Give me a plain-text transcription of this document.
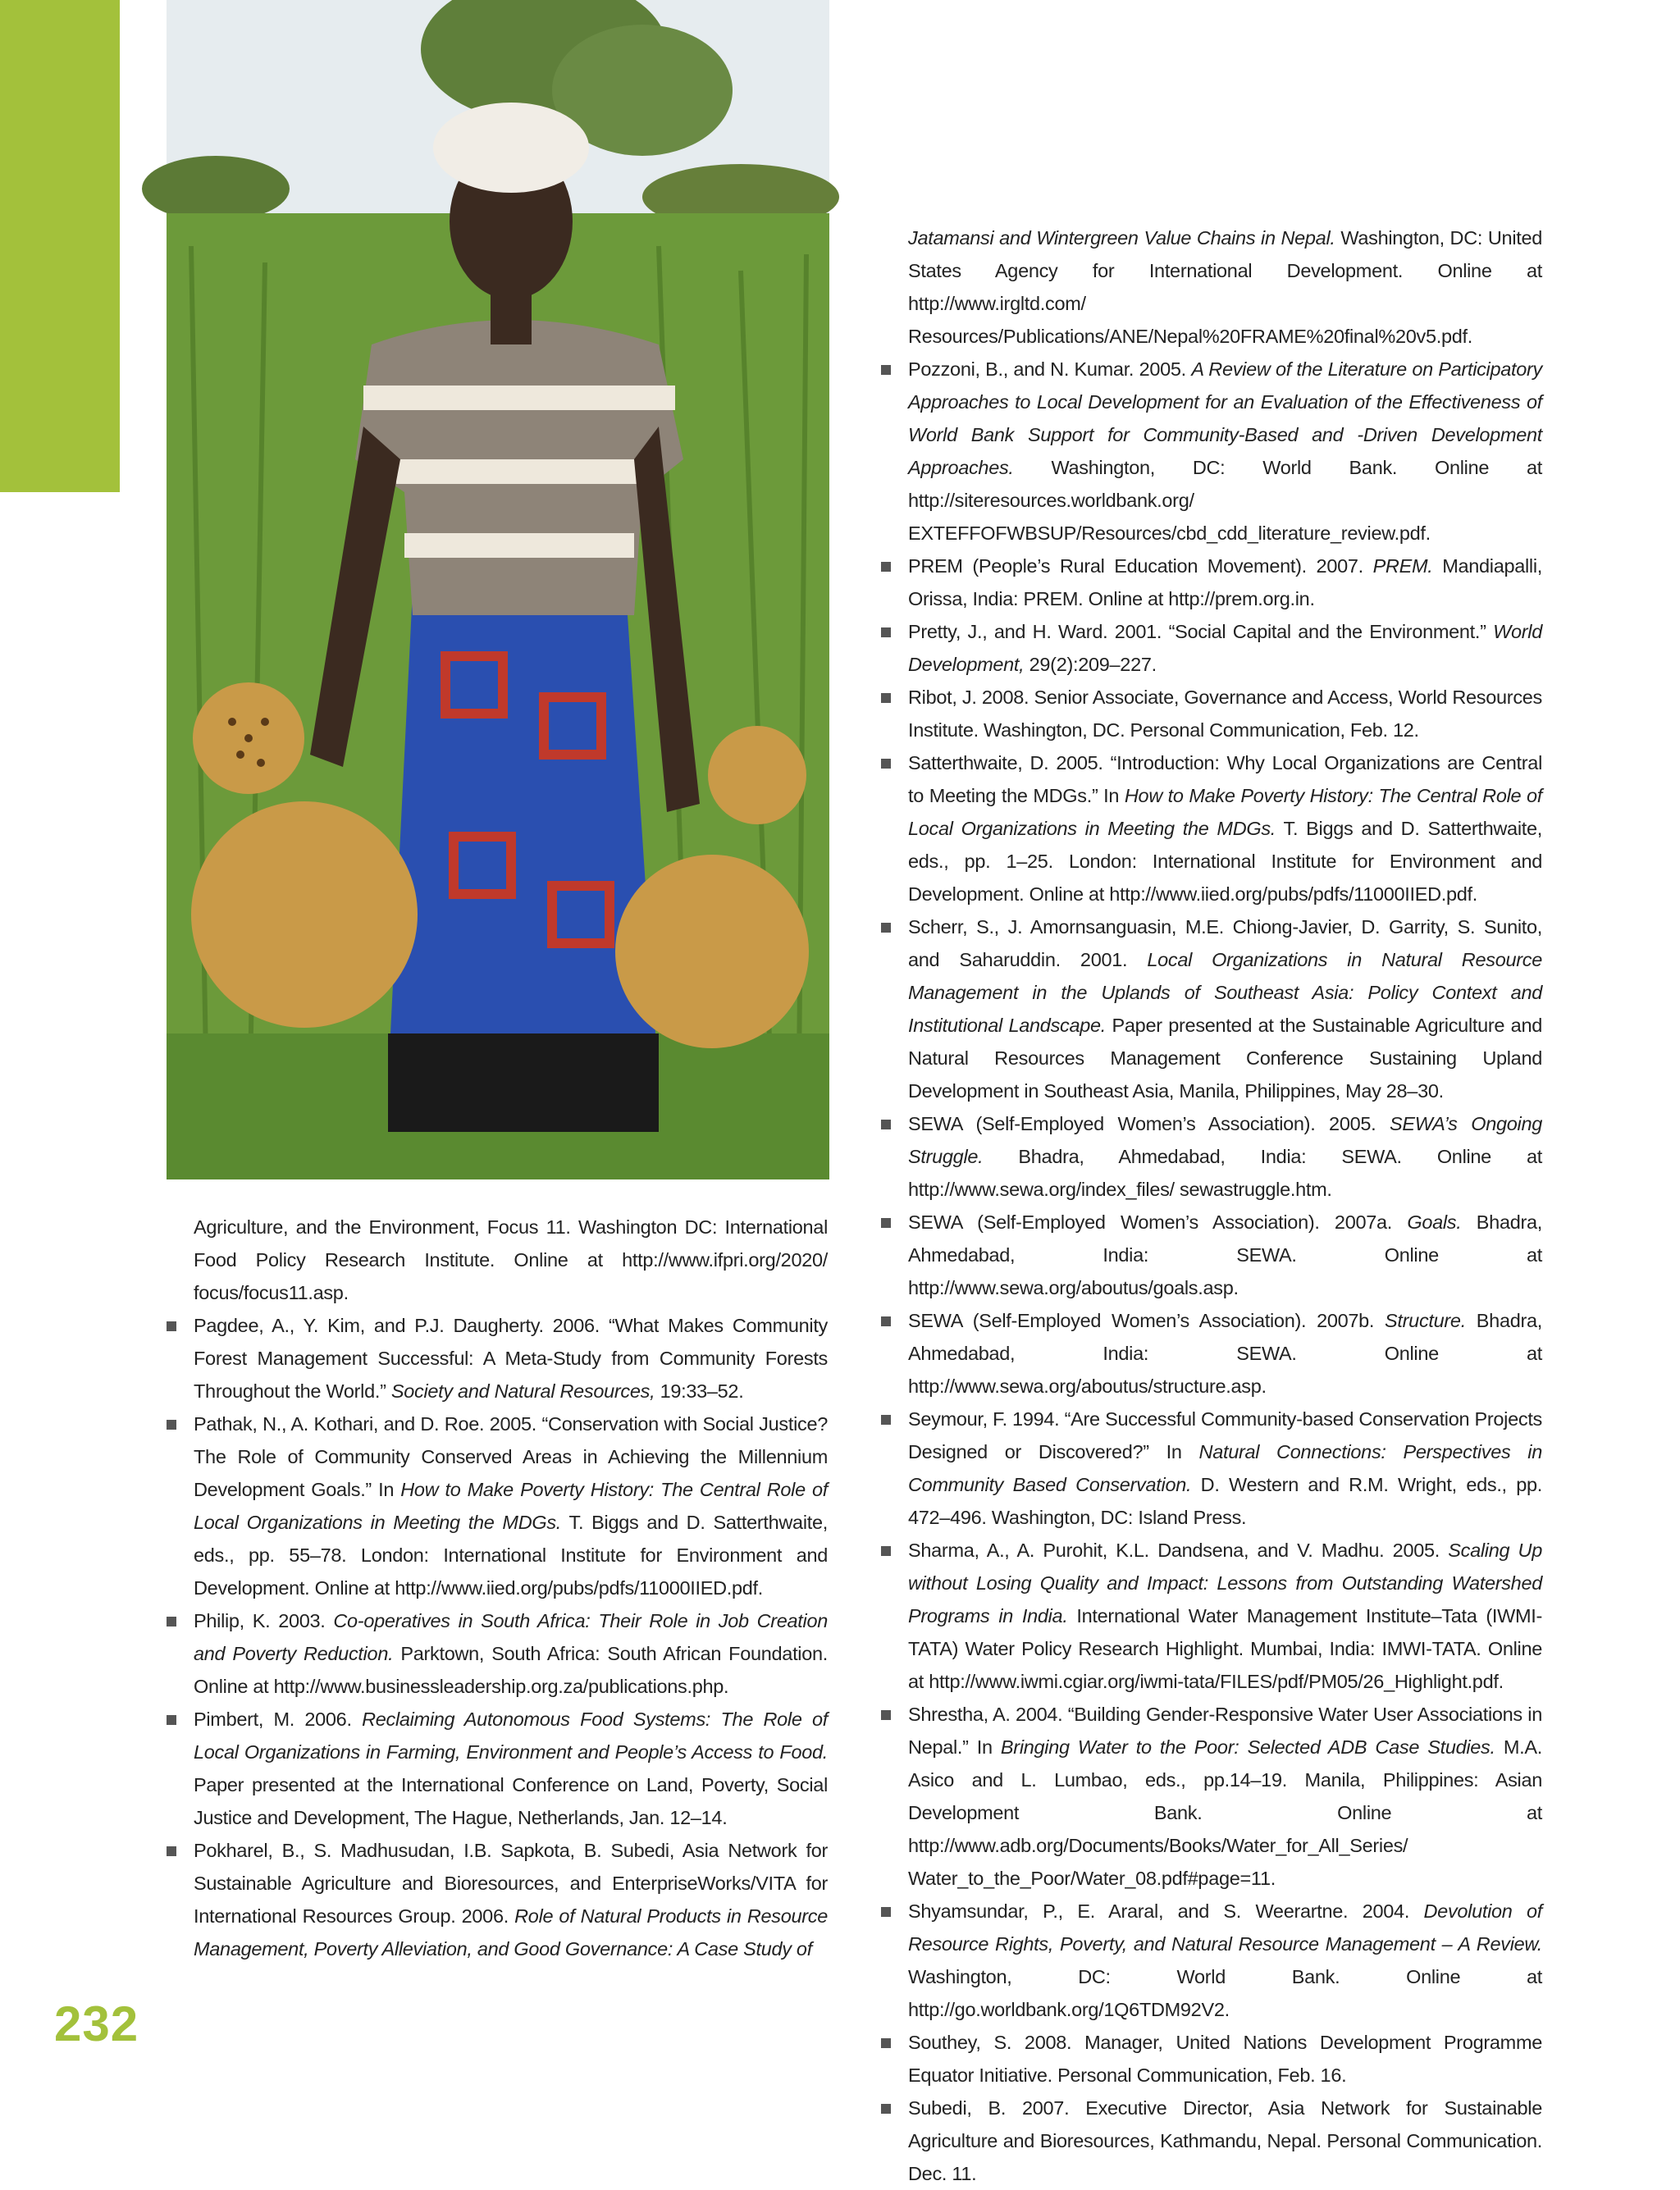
Agriculture, and the Environment, Focus 11. Washington DC: International Food Policy Research Institute. Online at http://www.ifpri.org/2020/ focus/focus11.asp.
Pagdee, A., Y. Kim, and P.J. Daugherty. 2006. “What Makes Community Forest Management Successful: A Meta-Study from Community Forests Throughout the World.” Society and Natural Resources, 19:33–52.
Pathak, N., A. Kothari, and D. Roe. 2005. “Conservation with Social Justice? The Role of Community Conserved Areas in Achieving the Millennium Development Goals.” In How to Make Poverty History: The Central Role of Local Organizations in Meeting the MDGs. T. Biggs and D. Satterthwaite, eds., pp. 55–78. London: International Institute for Environment and Development. Online at http://www.iied.org/pubs/pdfs/11000IIED.pdf.
Philip, K. 2003. Co-operatives in South Africa: Their Role in Job Creation and Poverty Reduction. Parktown, South Africa: South African Foundation. Online at http://www.businessleadership.org.za/publications.php.
Pimbert, M. 2006. Reclaiming Autonomous Food Systems: The Role of Local Organizations in Farming, Environment and People’s Access to Food. Paper presented at the International Conference on Land, Poverty, Social Justice and Development, The Hague, Netherlands, Jan. 12–14.
Pokharel, B., S. Madhusudan, I.B. Sapkota, B. Subedi, Asia Network for Sustainable Agriculture and Bioresources, and EnterpriseWorks/VITA for International Resources Group. 2006. Role of Natural Products in Resource Management, Poverty Alleviation, and Good Governance: A Case Study of
Jatamansi and Wintergreen Value Chains in Nepal. Washington, DC: United States Agency for International Development. Online at http://www.irgltd.com/ Resources/Publications/ANE/Nepal%20FRAME%20final%20v5.pdf.
Pozzoni, B., and N. Kumar. 2005. A Review of the Literature on Participatory Approaches to Local Development for an Evaluation of the Effectiveness of World Bank Support for Community-Based and -Driven Development Approaches. Washington, DC: World Bank. Online at http://siteresources.worldbank.org/ EXTEFFOFWBSUP/Resources/cbd_cdd_literature_review.pdf.
PREM (People’s Rural Education Movement). 2007. PREM. Mandiapalli, Orissa, India: PREM. Online at http://prem.org.in.
Pretty, J., and H. Ward. 2001. “Social Capital and the Environment.” World Development, 29(2):209–227.
Ribot, J. 2008. Senior Associate, Governance and Access, World Resources Institute. Washington, DC. Personal Communication, Feb. 12.
Satterthwaite, D. 2005. “Introduction: Why Local Organizations are Central to Meeting the MDGs.” In How to Make Poverty History: The Central Role of Local Organizations in Meeting the MDGs. T. Biggs and D. Satterthwaite, eds., pp. 1–25. London: International Institute for Environment and Development. Online at http://www.iied.org/pubs/pdfs/11000IIED.pdf.
Scherr, S., J. Amornsanguasin, M.E. Chiong-Javier, D. Garrity, S. Sunito, and Saharuddin. 2001. Local Organizations in Natural Resource Management in the Uplands of Southeast Asia: Policy Context and Institutional Landscape. Paper presented at the Sustainable Agriculture and Natural Resources Management Conference Sustaining Upland Development in Southeast Asia, Manila, Philippines, May 28–30.
SEWA (Self-Employed Women’s Association). 2005. SEWA’s Ongoing Struggle. Bhadra, Ahmedabad, India: SEWA. Online at http://www.sewa.org/index_files/ sewastruggle.htm.
SEWA (Self-Employed Women’s Association). 2007a. Goals. Bhadra, Ahmedabad, India: SEWA. Online at http://www.sewa.org/aboutus/goals.asp.
SEWA (Self-Employed Women’s Association). 2007b. Structure. Bhadra, Ahmedabad, India: SEWA. Online at http://www.sewa.org/aboutus/structure.asp.
Seymour, F. 1994. “Are Successful Community-based Conservation Projects Designed or Discovered?” In Natural Connections: Perspectives in Community Based Conservation. D. Western and R.M. Wright, eds., pp. 472–496. Washington, DC: Island Press.
Sharma, A., A. Purohit, K.L. Dandsena, and V. Madhu. 2005. Scaling Up without Losing Quality and Impact: Lessons from Outstanding Watershed Programs in India. International Water Management Institute–Tata (IWMI-TATA) Water Policy Research Highlight. Mumbai, India: IMWI-TATA. Online at http://www.iwmi.cgiar.org/iwmi-tata/FILES/pdf/PM05/26_Highlight.pdf.
Shrestha, A. 2004. “Building Gender-Responsive Water User Associations in Nepal.” In Bringing Water to the Poor: Selected ADB Case Studies. M.A. Asico and L. Lumbao, eds., pp.14–19. Manila, Philippines: Asian Development Bank. Online at http://www.adb.org/Documents/Books/Water_for_All_Series/ Water_to_the_Poor/Water_08.pdf#page=11.
Shyamsundar, P., E. Araral, and S. Weerartne. 2004. Devolution of Resource Rights, Poverty, and Natural Resource Management – A Review. Washington, DC: World Bank. Online at http://go.worldbank.org/1Q6TDM92V2.
Southey, S. 2008. Manager, United Nations Development Programme Equator Initiative. Personal Communication, Feb. 16.
Subedi, B. 2007. Executive Director, Asia Network for Sustainable Agriculture and Bioresources, Kathmandu, Nepal. Personal Communication. Dec. 11.
232
